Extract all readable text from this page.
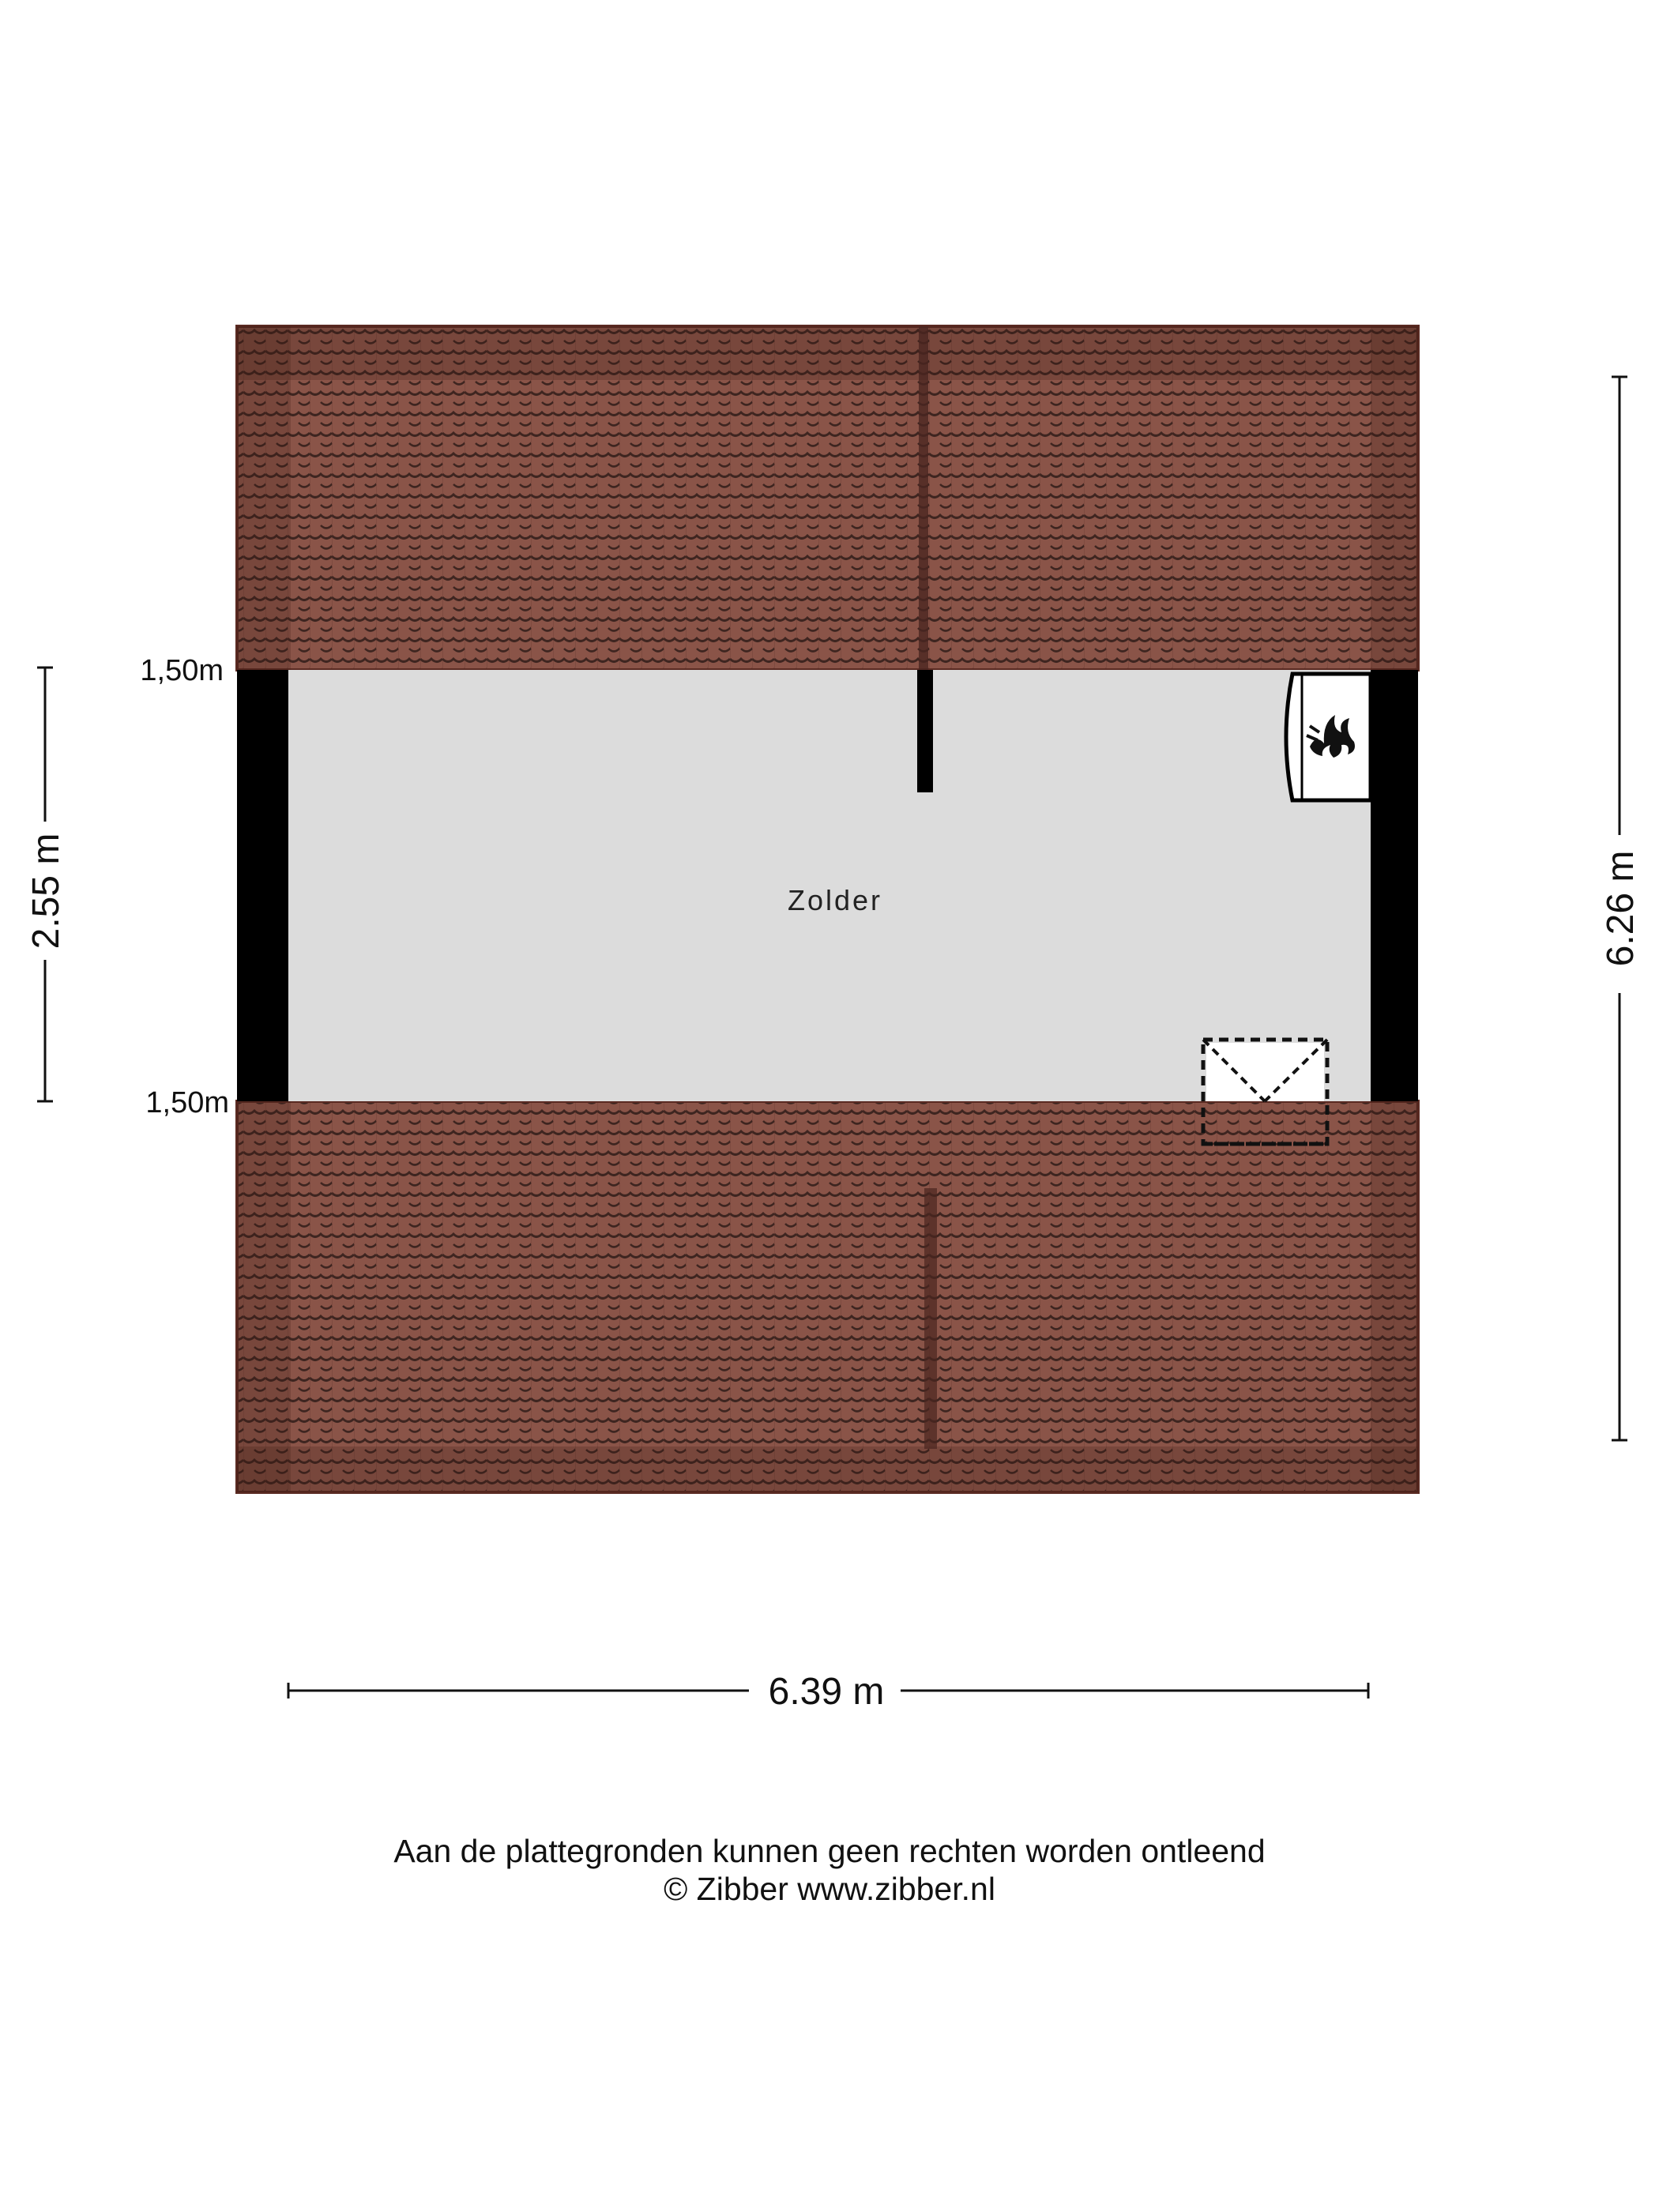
Zolder
1,50m
1,50m
2.55 m	6.26 m
6.39 m
Aan de plattegronden kunnen geen rechten worden ontleend
© Zibber www.zibber.nl
